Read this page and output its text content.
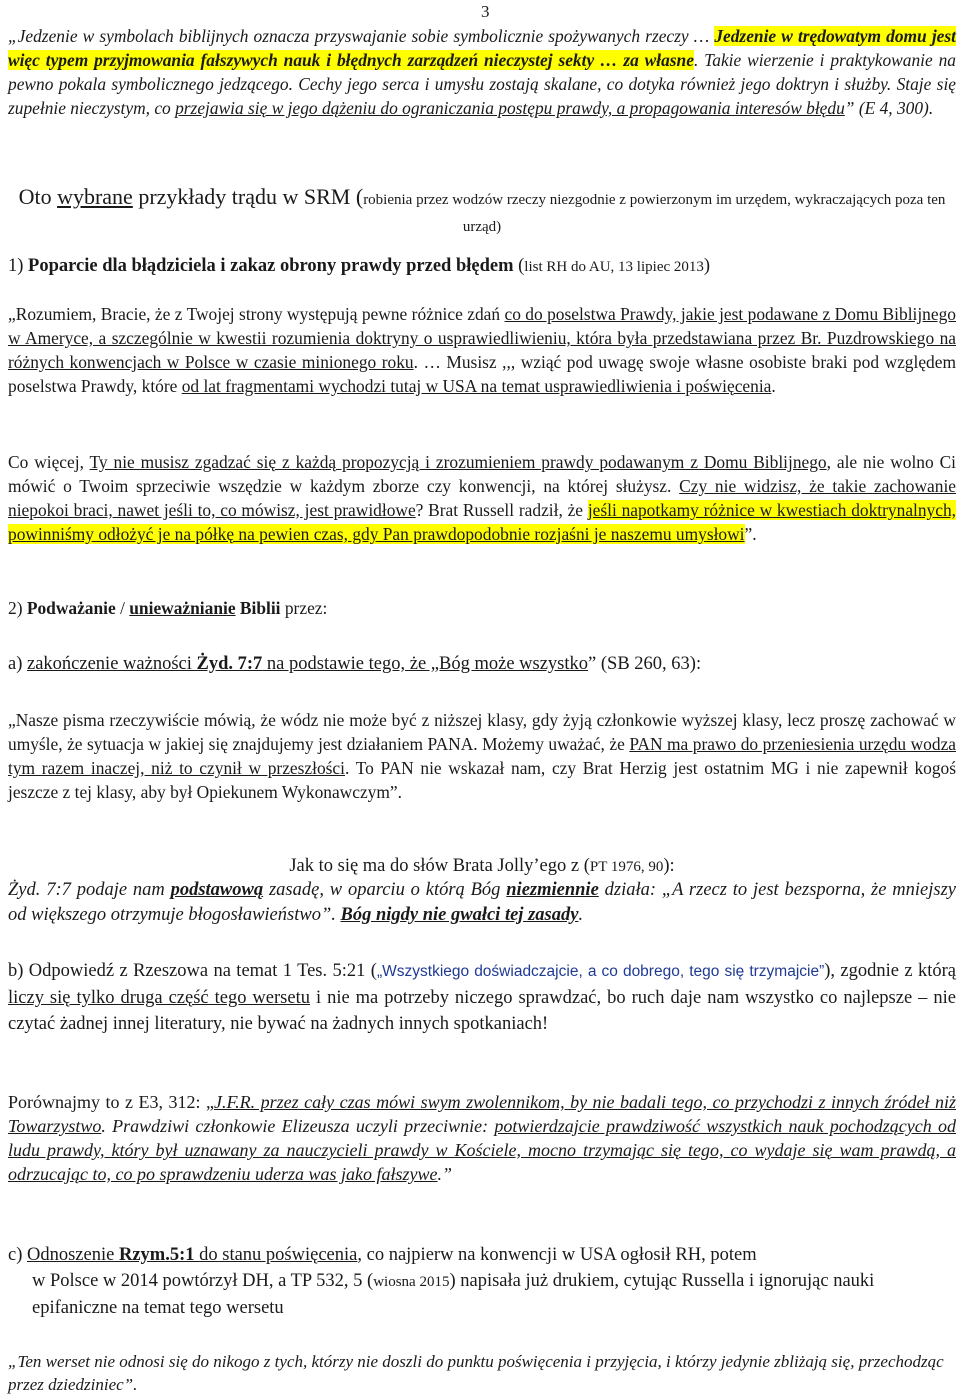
3

„Jedzenie w symbolach biblijnych oznacza przyswajanie sobie symbolicznie spożywanych rzeczy … Jedzenie w trędowatym domu jest więc typem przyjmowania fałszywych nauk i błędnych zarządzeń nieczystej sekty … za własne. Takie wierzenie i praktykowanie na pewno pokala symbolicznego jedzącego. Cechy jego serca i umysłu zostają skalane, co dotyka również jego doktryn i służby. Staje się zupełnie nieczystym, co przejawia się w jego dążeniu do ograniczania postępu prawdy, a propagowania interesów błędu” (E 4, 300).

Oto wybrane przykłady trądu w SRM (robienia przez wodzów rzeczy niezgodnie z powierzonym im urzędem, wykraczających poza ten urząd)

1) Poparcie dla błądziciela i zakaz obrony prawdy przed błędem (list RH do AU, 13 lipiec 2013)

„Rozumiem, Bracie, że z Twojej strony występują pewne różnice zdań co do poselstwa Prawdy, jakie jest podawane z Domu Biblijnego w Ameryce, a szczególnie w kwestii rozumienia doktryny o usprawiedliwieniu, która była przedstawiana przez Br. Puzdrowskiego na różnych konwencjach w Polsce w czasie minionego roku. … Musisz ,,, wziąć pod uwagę swoje własne osobiste braki pod względem poselstwa Prawdy, które od lat fragmentami wychodzi tutaj w USA na temat usprawiedliwienia i poświęcenia.

Co więcej, Ty nie musisz zgadzać się z każdą propozycją i zrozumieniem prawdy podawanym z Domu Biblijnego, ale nie wolno Ci mówić o Twoim sprzeciwie wszędzie w każdym zborze czy konwencji, na której służysz. Czy nie widzisz, że takie zachowanie niepokoi braci, nawet jeśli to, co mówisz, jest prawidłowe? Brat Russell radził, że jeśli napotkamy różnice w kwestiach doktrynalnych, powinniśmy odłożyć je na półkę na pewien czas, gdy Pan prawdopodobnie rozjaśni je naszemu umysłowi”.

2) Podważanie / unieważnianie Biblii przez:

a) zakończenie ważności Żyd. 7:7 na podstawie tego, że „Bóg może wszystko” (SB 260, 63):

„Nasze pisma rzeczywiście mówią, że wódz nie może być z niższej klasy, gdy żyją członkowie wyższej klasy, lecz proszę zachować w umyśle, że sytuacja w jakiej się znajdujemy jest działaniem PANA. Możemy uważać, że PAN ma prawo do przeniesienia urzędu wodza tym razem inaczej, niż to czynił w przeszłości. To PAN nie wskazał nam, czy Brat Herzig jest ostatnim MG i nie zapewnił kogoś jeszcze z tej klasy, aby był Opiekunem Wykonawczym”.

Jak to się ma do słów Brata Jolly’ego z (PT 1976, 90):

Żyd. 7:7 podaje nam podstawową zasadę, w oparciu o którą Bóg niezmiennie działa: „A rzecz to jest bezsporna, że mniejszy od większego otrzymuje błogosławieństwo”. Bóg nigdy nie gwałci tej zasady.

b) Odpowiedź z Rzeszowa na temat 1 Tes. 5:21 („Wszystkiego doświadczajcie, a co dobrego, tego się trzymajcie”), zgodnie z którą liczy się tylko druga część tego wersetu i nie ma potrzeby niczego sprawdzać, bo ruch daje nam wszystko co najlepsze – nie czytać żadnej innej literatury, nie bywać na żadnych innych spotkaniach!

Porównajmy to z E3, 312: „J.F.R. przez cały czas mówi swym zwolennikom, by nie badali tego, co przychodzi z innych źródeł niż Towarzystwo. Prawdziwi członkowie Elizeusza uczyli przeciwnie: potwierdzajcie prawdziwość wszystkich nauk pochodzących od ludu prawdy, który był uznawany za nauczycieli prawdy w Kościele, mocno trzymając się tego, co wydaje się wam prawdą, a odrzucając to, co po sprawdzeniu uderza was jako fałszywe.”

c) Odnoszenie Rzym.5:1 do stanu poświęcenia, co najpierw na konwencji w USA ogłosił RH, potem

w Polsce w 2014 powtórzył DH, a TP 532, 5 (wiosna 2015) napisała już drukiem, cytując Russella i ignorując nauki epifaniczne na temat tego wersetu

„Ten werset nie odnosi się do nikogo z tych, którzy nie doszli do punktu poświęcenia i przyjęcia, i którzy jedynie zbliżają się, przechodząc przez dziedziniec”.
